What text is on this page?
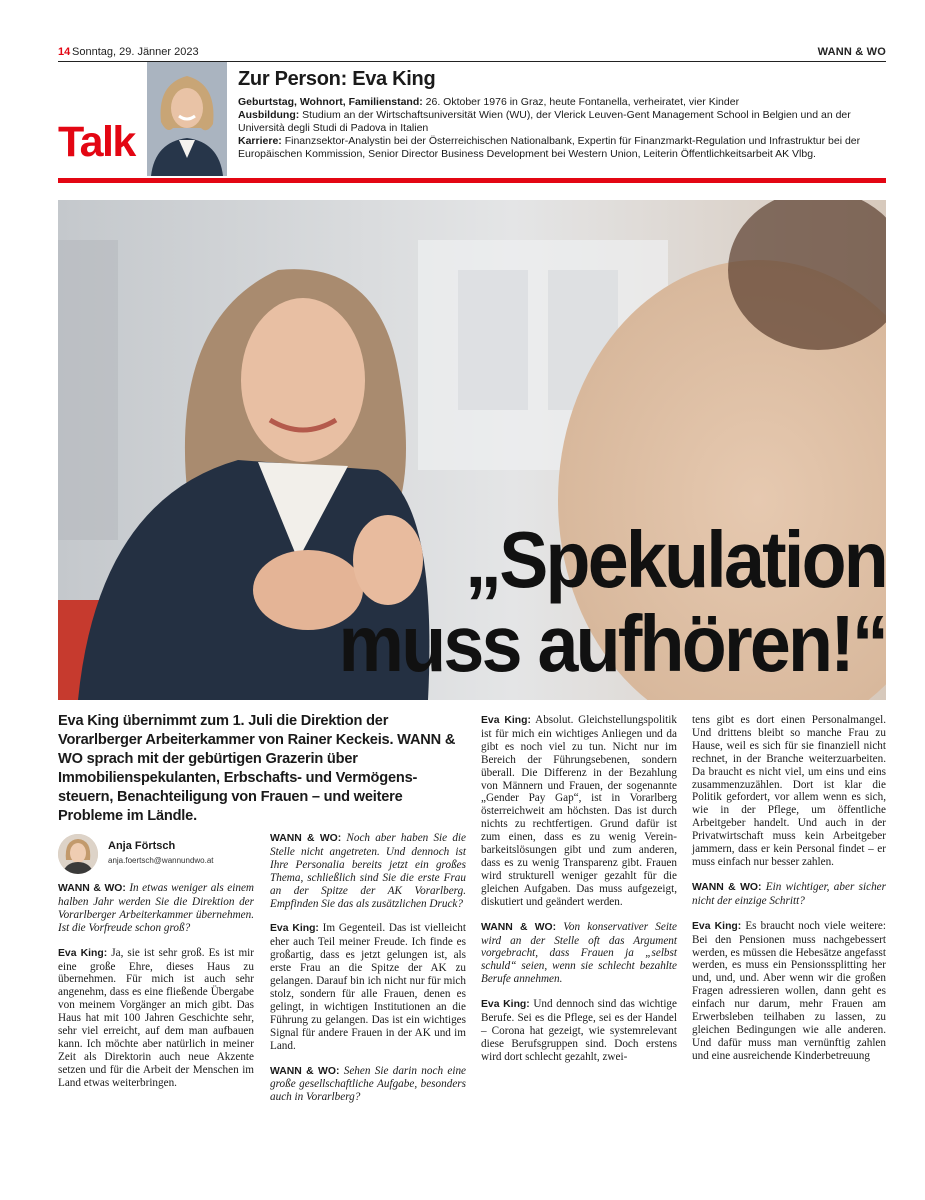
14 Sonntag, 29. Jänner 2023	WANN & WO
Talk
Zur Person: Eva King

Geburtstag, Wohnort, Familienstand: 26. Oktober 1976 in Graz, heute Fontanella, verheiratet, vier Kinder

Ausbildung: Studium an der Wirtschaftsuniversität Wien (WU), der Vlerick Leuven-Gent Management School in Belgien und an der Università degli Studi di Padova in Italien

Karriere: Finanzsektor-Analystin bei der Österreichischen Nationalbank, Expertin für Finanzmarkt-Regulation und Infrastruktur bei der Europäischen Kommission, Senior Director Business Development bei Western Union, Leiterin Öffentlichkeitsarbeit AK Vlbg.

„Spekulation
muss aufhören!“
Eva King übernimmt zum 1. Juli die Direktion der Vorarlberger Arbeiterkammer von Rainer Keckeis. WANN & WO sprach mit der gebürtigen Grazerin über Immobilienspekulanten, Erbschafts- und Vermögenssteuern, Benachteiligung von Frauen – und weitere Probleme im Ländle.
Anja Förtsch
anja.foertsch@wannundwo.at

WANN & WO: In etwas weniger als einem halben Jahr werden Sie die Direktion der Vorarlberger Arbeiterkammer übernehmen. Ist die Vorfreude schon groß?

Eva King: Ja, sie ist sehr groß. Es ist mir eine große Ehre, dieses Haus zu übernehmen. Für mich ist auch sehr angenehm, dass es eine fließende Übergabe von meinem Vorgänger an mich gibt. Das Haus hat mit 100 Jahren Geschichte sehr, sehr viel erreicht, auf dem man aufbauen kann. Ich möchte aber natürlich in meiner Zeit als Direktorin auch neue Akzente setzen und für die Arbeit der Menschen im Land etwas weiterbringen.

WANN & WO: Noch aber haben Sie die Stelle nicht angetreten. Und dennoch ist Ihre Personalia bereits jetzt ein großes Thema, schließlich sind Sie die erste Frau an der Spitze der AK Vorarlberg. Empfinden Sie das als zusätzlichen Druck?

Eva King: Im Gegenteil. Das ist vielleicht eher auch Teil meiner Freude. Ich finde es großartig, dass es jetzt gelungen ist, als erste Frau an die Spitze der AK zu gelangen. Darauf bin ich nicht nur für mich stolz, sondern für alle Frauen, denen es gelingt, in wichtigen Institutionen an die Führung zu gelangen. Das ist ein wichtiges Signal für andere Frauen in der AK und im Land.

WANN & WO: Sehen Sie darin noch eine große gesellschaftliche Aufgabe, besonders auch in Vorarlberg?

Eva King: Absolut. Gleichstellungspolitik ist für mich ein wichtiges Anliegen und da gibt es noch viel zu tun. Nicht nur im Bereich der Führungsebenen, sondern überall. Die Differenz in der Bezahlung von Männern und Frauen, der sogenannte „Gender Pay Gap“, ist in Vorarlberg österreichweit am höchsten. Das ist durch nichts zu rechtfertigen. Grund dafür ist zum einen, dass es zu wenig Vereinbarkeitslösungen gibt und zum anderen, dass es zu wenig Transparenz gibt. Frauen wird strukturell weniger gezahlt für die gleichen Aufgaben. Das muss aufgezeigt, diskutiert und geändert werden.

WANN & WO: Von konservativer Seite wird an der Stelle oft das Argument vorgebracht, dass Frauen ja „selbst schuld“ seien, wenn sie schlecht bezahlte Berufe annehmen.

Eva King: Und dennoch sind das wichtige Berufe. Sei es die Pflege, sei es der Handel – Corona hat gezeigt, wie systemrelevant diese Berufsgruppen sind. Doch erstens wird dort schlecht gezahlt, zwei-

tens gibt es dort einen Personalmangel. Und drittens bleibt so manche Frau zu Hause, weil es sich für sie finanziell nicht rechnet, in der Branche weiterzuarbeiten. Da braucht es nicht viel, um eins und eins zusammenzuzählen. Dort ist klar die Politik gefordert, vor allem wenn es sich, wie in der Pflege, um öffentliche Arbeitgeber handelt. Und auch in der Privatwirtschaft muss kein Arbeitgeber jammern, dass er kein Personal findet – er muss einfach nur besser zahlen.

WANN & WO: Ein wichtiger, aber sicher nicht der einzige Schritt?

Eva King: Es braucht noch viele weitere: Bei den Pensionen muss nachgebessert werden, es müssen die Hebesätze angefasst werden, es muss ein Pensionssplitting her und, und, und. Aber wenn wir die großen Fragen adressieren wollen, dann geht es einfach nur darum, mehr Frauen am Erwerbsleben teilhaben zu lassen, zu gleichen Bedingungen wie alle anderen. Und dafür muss man vernünftig zahlen und eine ausreichende Kinderbetreuung
